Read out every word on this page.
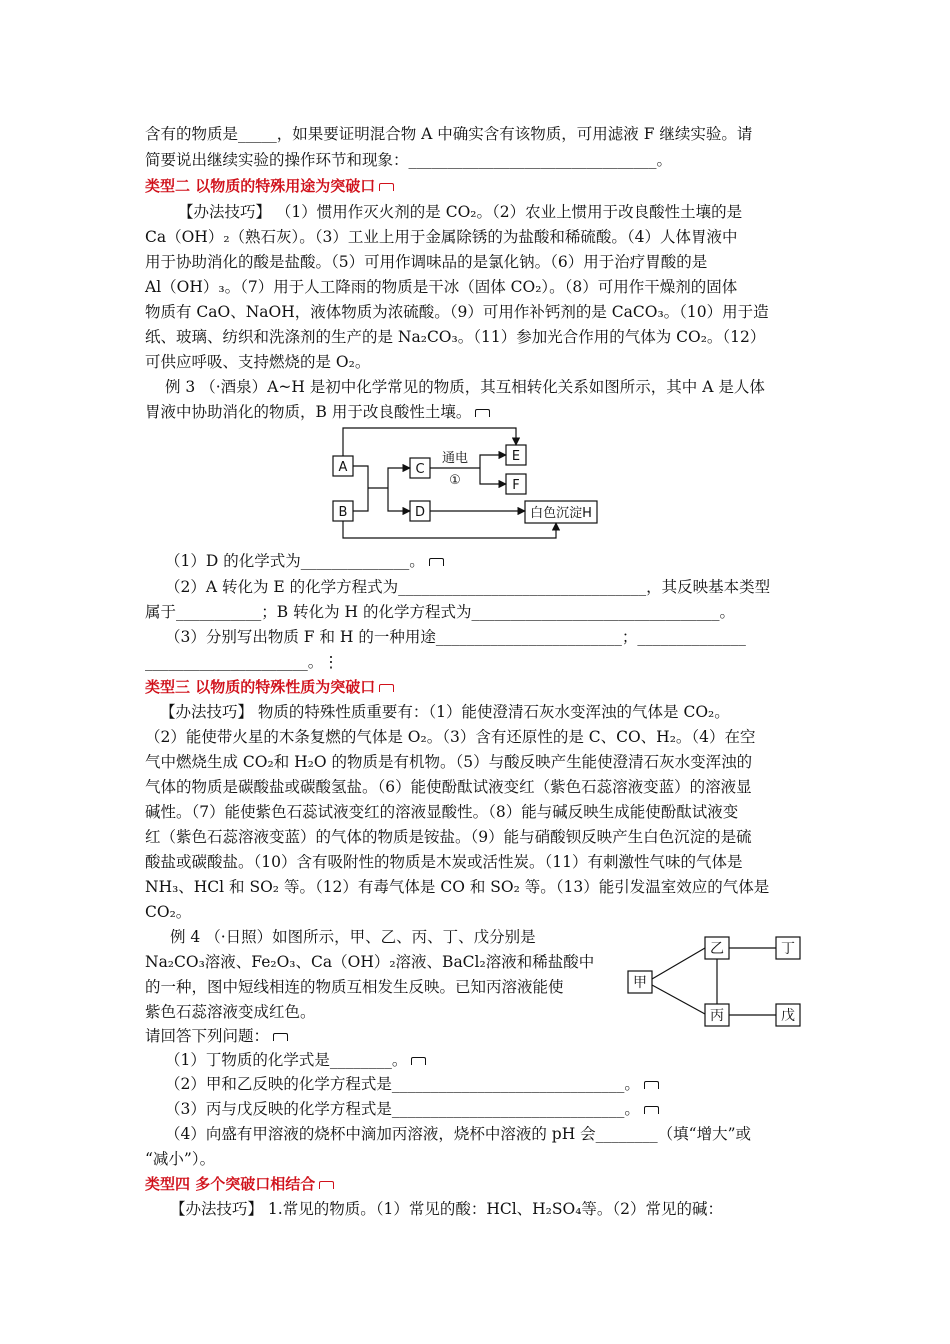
含有的物质是_____，如果要证明混合物 A 中确实含有该物质，可用滤液 F 继续实验。请
简要说出继续实验的操作环节和现象：________________________________。
类型二 以物质的特殊用途为突破口
【办法技巧】 （1）惯用作灭火剂的是 CO₂。（2）农业上惯用于改良酸性土壤的是
Ca（OH）₂（熟石灰）。（3）工业上用于金属除锈的为盐酸和稀硫酸。（4）人体胃液中
用于协助消化的酸是盐酸。（5）可用作调味品的是氯化钠。（6）用于治疗胃酸的是
Al（OH）₃。（7）用于人工降雨的物质是干冰（固体 CO₂）。（8）可用作干燥剂的固体
物质有 CaO、NaOH，液体物质为浓硫酸。（9）可用作补钙剂的是 CaCO₃。（10）用于造
纸、玻璃、纺织和洗涤剂的生产的是 Na₂CO₃。（11）参加光合作用的气体为 CO₂。（12）
可供应呼吸、支持燃烧的是 O₂。
例 3 （·酒泉）A~H 是初中化学常见的物质，其互相转化关系如图所示，其中 A 是人体
胃液中协助消化的物质，B 用于改良酸性土壤。
A
B
C
D
E
F
白色沉淀H
通电
①
（1）D 的化学式为______________。
（2）A 转化为 E 的化学方程式为________________________________，其反映基本类型
属于___________；B 转化为 H 的化学方程式为________________________________。
（3）分别写出物质 F 和 H 的一种用途________________________；______________
_____________________。⋮
类型三 以物质的特殊性质为突破口
【办法技巧】 物质的特殊性质重要有：（1）能使澄清石灰水变浑浊的气体是 CO₂。
（2）能使带火星的木条复燃的气体是 O₂。（3）含有还原性的是 C、CO、H₂。（4）在空
气中燃烧生成 CO₂和 H₂O 的物质是有机物。（5）与酸反映产生能使澄清石灰水变浑浊的
气体的物质是碳酸盐或碳酸氢盐。（6）能使酚酞试液变红（紫色石蕊溶液变蓝）的溶液显
碱性。（7）能使紫色石蕊试液变红的溶液显酸性。（8）能与碱反映生成能使酚酞试液变
红（紫色石蕊溶液变蓝）的气体的物质是铵盐。（9）能与硝酸钡反映产生白色沉淀的是硫
酸盐或碳酸盐。（10）含有吸附性的物质是木炭或活性炭。（11）有刺激性气味的气体是
NH₃、HCl 和 SO₂ 等。（12）有毒气体是 CO 和 SO₂ 等。（13）能引发温室效应的气体是
CO₂。
例 4 （·日照）如图所示，甲、乙、丙、丁、戊分别是
Na₂CO₃溶液、Fe₂O₃、Ca（OH）₂溶液、BaCl₂溶液和稀盐酸中
的一种，图中短线相连的物质互相发生反映。已知丙溶液能使
紫色石蕊溶液变成红色。
请回答下列问题：
甲
乙
丙
丁
戊
（1）丁物质的化学式是________。
（2）甲和乙反映的化学方程式是______________________________。
（3）丙与戊反映的化学方程式是______________________________。
（4）向盛有甲溶液的烧杯中滴加丙溶液，烧杯中溶液的 pH 会________（填“增大”或
“减小”）。
类型四 多个突破口相结合
【办法技巧】 1.常见的物质。（1）常见的酸：HCl、H₂SO₄等。（2）常见的碱：
